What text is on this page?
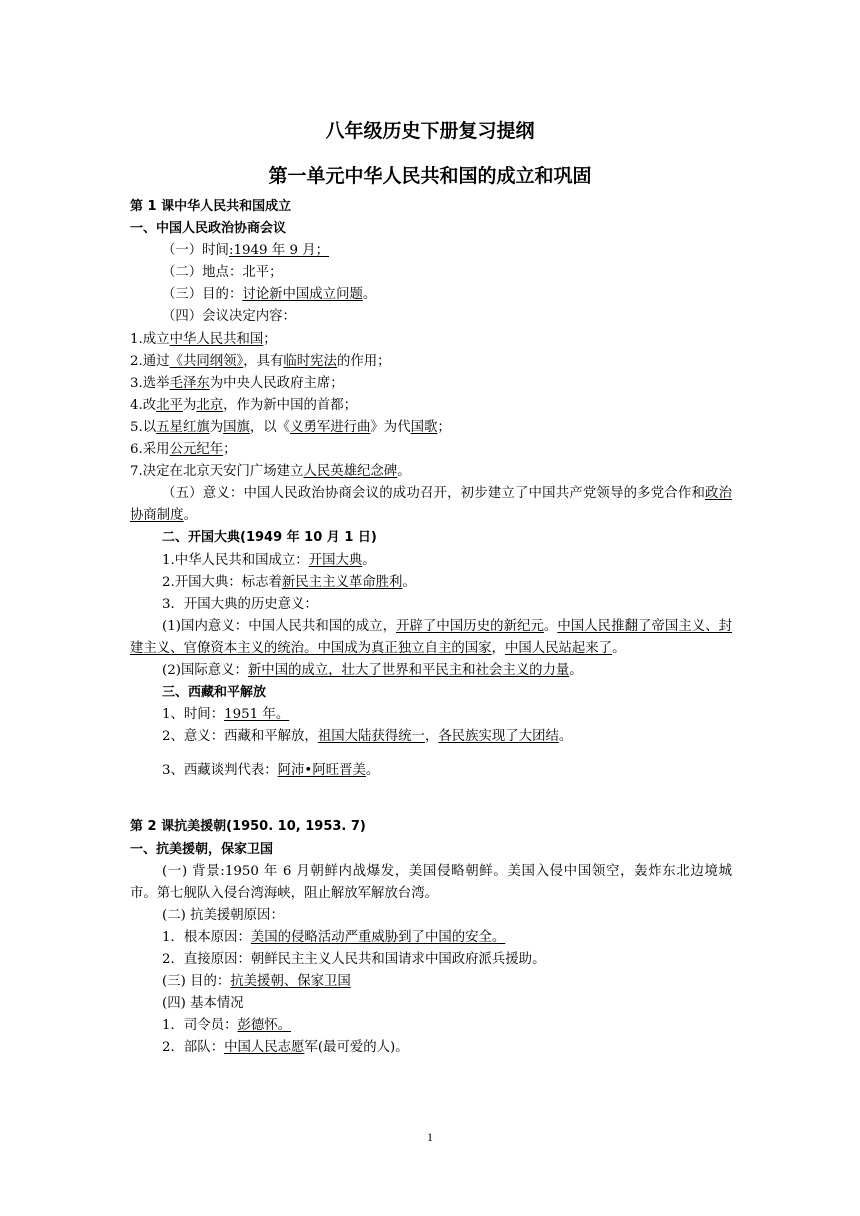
八年级历史下册复习提纲
第一单元中华人民共和国的成立和巩固

第 1 课中华人民共和国成立

一、中国人民政治协商会议

（一）时间:1949 年 9 月；

（二）地点：北平；

（三）目的：讨论新中国成立问题。

（四）会议决定内容：

1.成立中华人民共和国；

2.通过《共同纲领》，具有临时宪法的作用；

3.选举毛泽东为中央人民政府主席；

4.改北平为北京，作为新中国的首都；

5.以五星红旗为国旗，以《义勇军进行曲》为代国歌；

6.采用公元纪年；

7.决定在北京天安门广场建立人民英雄纪念碑。

（五）意义：中国人民政治协商会议的成功召开，初步建立了中国共产党领导的多党合作和政治协商制度。

二、开国大典(1949 年 10 月 1 日)

1.中华人民共和国成立：开国大典。

2.开国大典：标志着新民主主义革命胜利。

3．开国大典的历史意义：

(1)国内意义：中国人民共和国的成立，开辟了中国历史的新纪元。中国人民推翻了帝国主义、封建主义、官僚资本主义的统治。中国成为真正独立自主的国家，中国人民站起来了。

(2)国际意义：新中国的成立，壮大了世界和平民主和社会主义的力量。

三、西藏和平解放

1、时间：1951 年。

2、意义：西藏和平解放，祖国大陆获得统一，各民族实现了大团结。

3、西藏谈判代表：阿沛•阿旺晋美。

第 2 课抗美援朝(1950. 10, 1953. 7)

一、抗美援朝，保家卫国

(一) 背景:1950 年 6 月朝鲜内战爆发，美国侵略朝鲜。美国入侵中国领空，轰炸东北边境城市。第七舰队入侵台湾海峡，阻止解放军解放台湾。

(二) 抗美援朝原因：

1．根本原因：美国的侵略活动严重威胁到了中国的安全。

2．直接原因：朝鲜民主主义人民共和国请求中国政府派兵援助。

(三) 目的：抗美援朝、保家卫国

(四) 基本情况

1．司令员：彭德怀。

2．部队：中国人民志愿军(最可爱的人)。

1
